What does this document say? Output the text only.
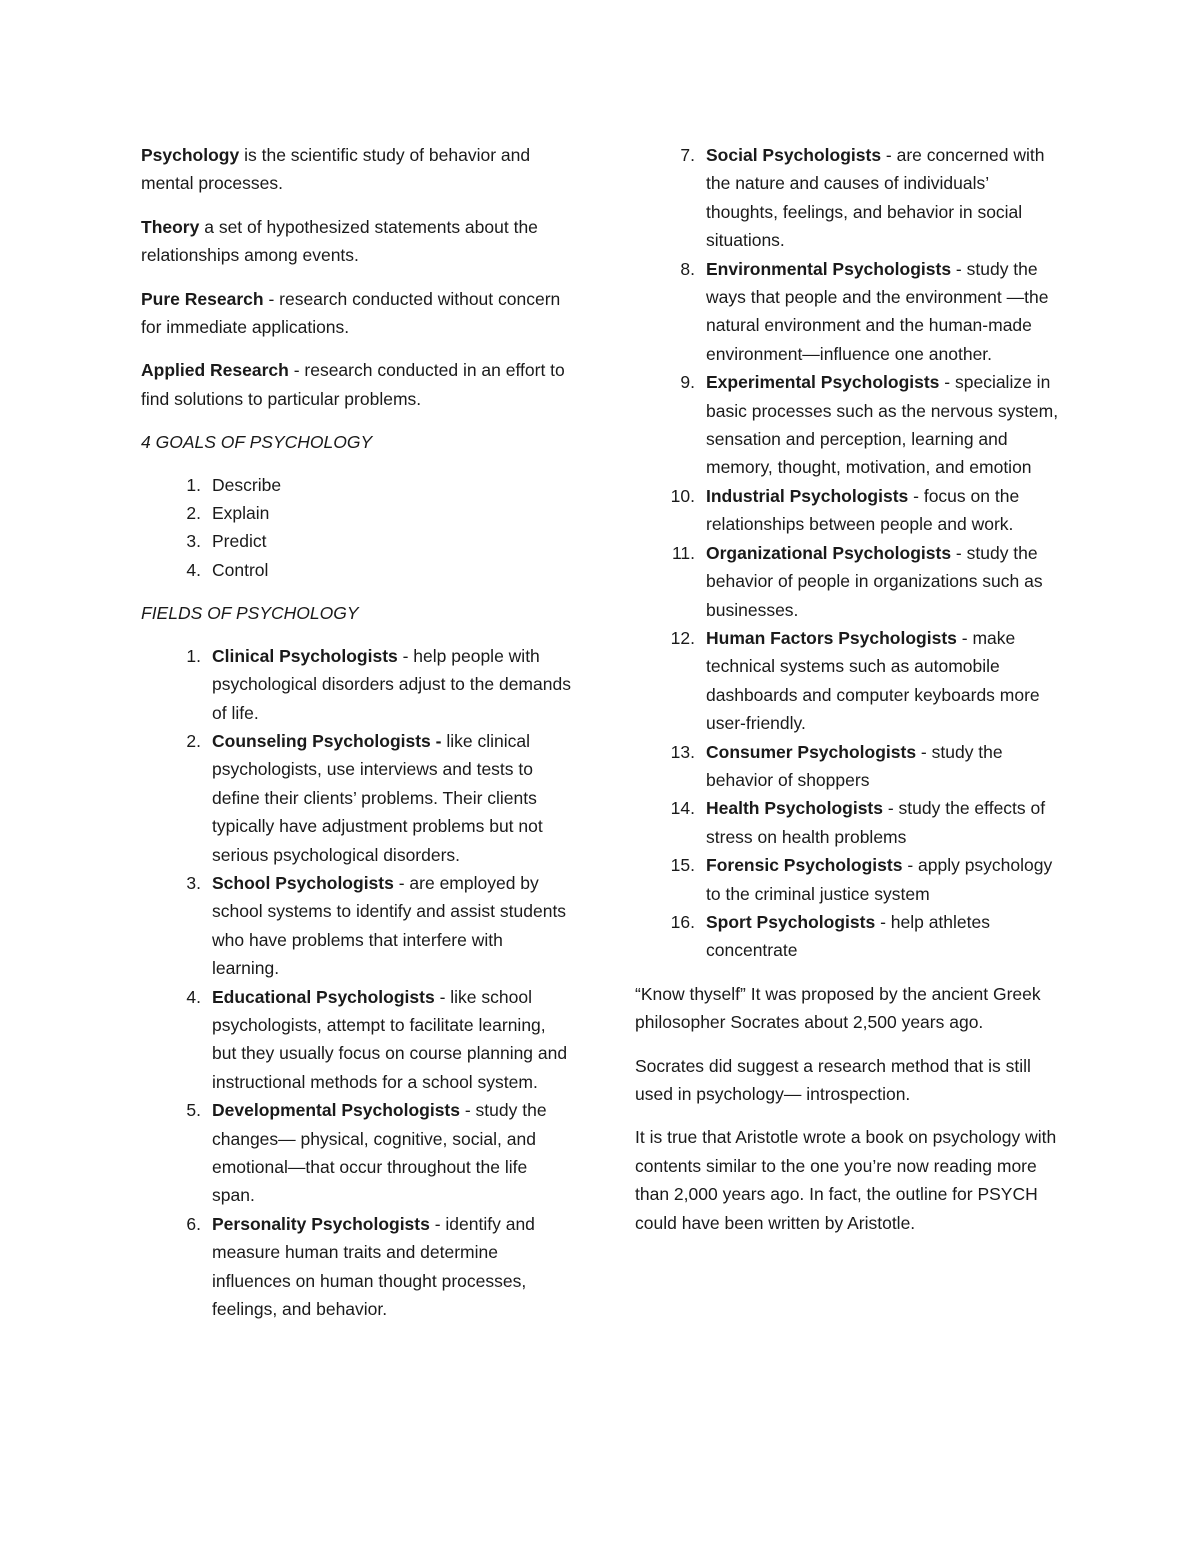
Psychology is the scientific study of behavior and mental processes.

Theory a set of hypothesized statements about the relationships among events.

Pure Research - research conducted without concern for immediate applications.

Applied Research - research conducted in an effort to find solutions to particular problems.

4 GOALS OF PSYCHOLOGY

1. Describe
2. Explain
3. Predict
4. Control

FIELDS OF PSYCHOLOGY

1. Clinical Psychologists - help people with psychological disorders adjust to the demands of life.
2. Counseling Psychologists - like clinical psychologists, use interviews and tests to define their clients’ problems. Their clients typically have adjustment problems but not serious psychological disorders.
3. School Psychologists - are employed by school systems to identify and assist students who have problems that interfere with learning.
4. Educational Psychologists - like school psychologists, attempt to facilitate learning, but they usually focus on course planning and instructional methods for a school system.
5. Developmental Psychologists - study the changes— physical, cognitive, social, and emotional—that occur throughout the life span.
6. Personality Psychologists - identify and measure human traits and determine influences on human thought processes, feelings, and behavior.
7. Social Psychologists - are concerned with the nature and causes of individuals’ thoughts, feelings, and behavior in social situations.
8. Environmental Psychologists - study the ways that people and the environment —the natural environment and the human-made environment—influence one another.
9. Experimental Psychologists - specialize in basic processes such as the nervous system, sensation and perception, learning and memory, thought, motivation, and emotion
10. Industrial Psychologists - focus on the relationships between people and work.
11. Organizational Psychologists - study the behavior of people in organizations such as businesses.
12. Human Factors Psychologists - make technical systems such as automobile dashboards and computer keyboards more user-friendly.
13. Consumer Psychologists - study the behavior of shoppers
14. Health Psychologists - study the effects of stress on health problems
15. Forensic Psychologists - apply psychology to the criminal justice system
16. Sport Psychologists - help athletes concentrate

“Know thyself” It was proposed by the ancient Greek philosopher Socrates about 2,500 years ago.

Socrates did suggest a research method that is still used in psychology— introspection.

It is true that Aristotle wrote a book on psychology with contents similar to the one you’re now reading more than 2,000 years ago. In fact, the outline for PSYCH could have been written by Aristotle.
